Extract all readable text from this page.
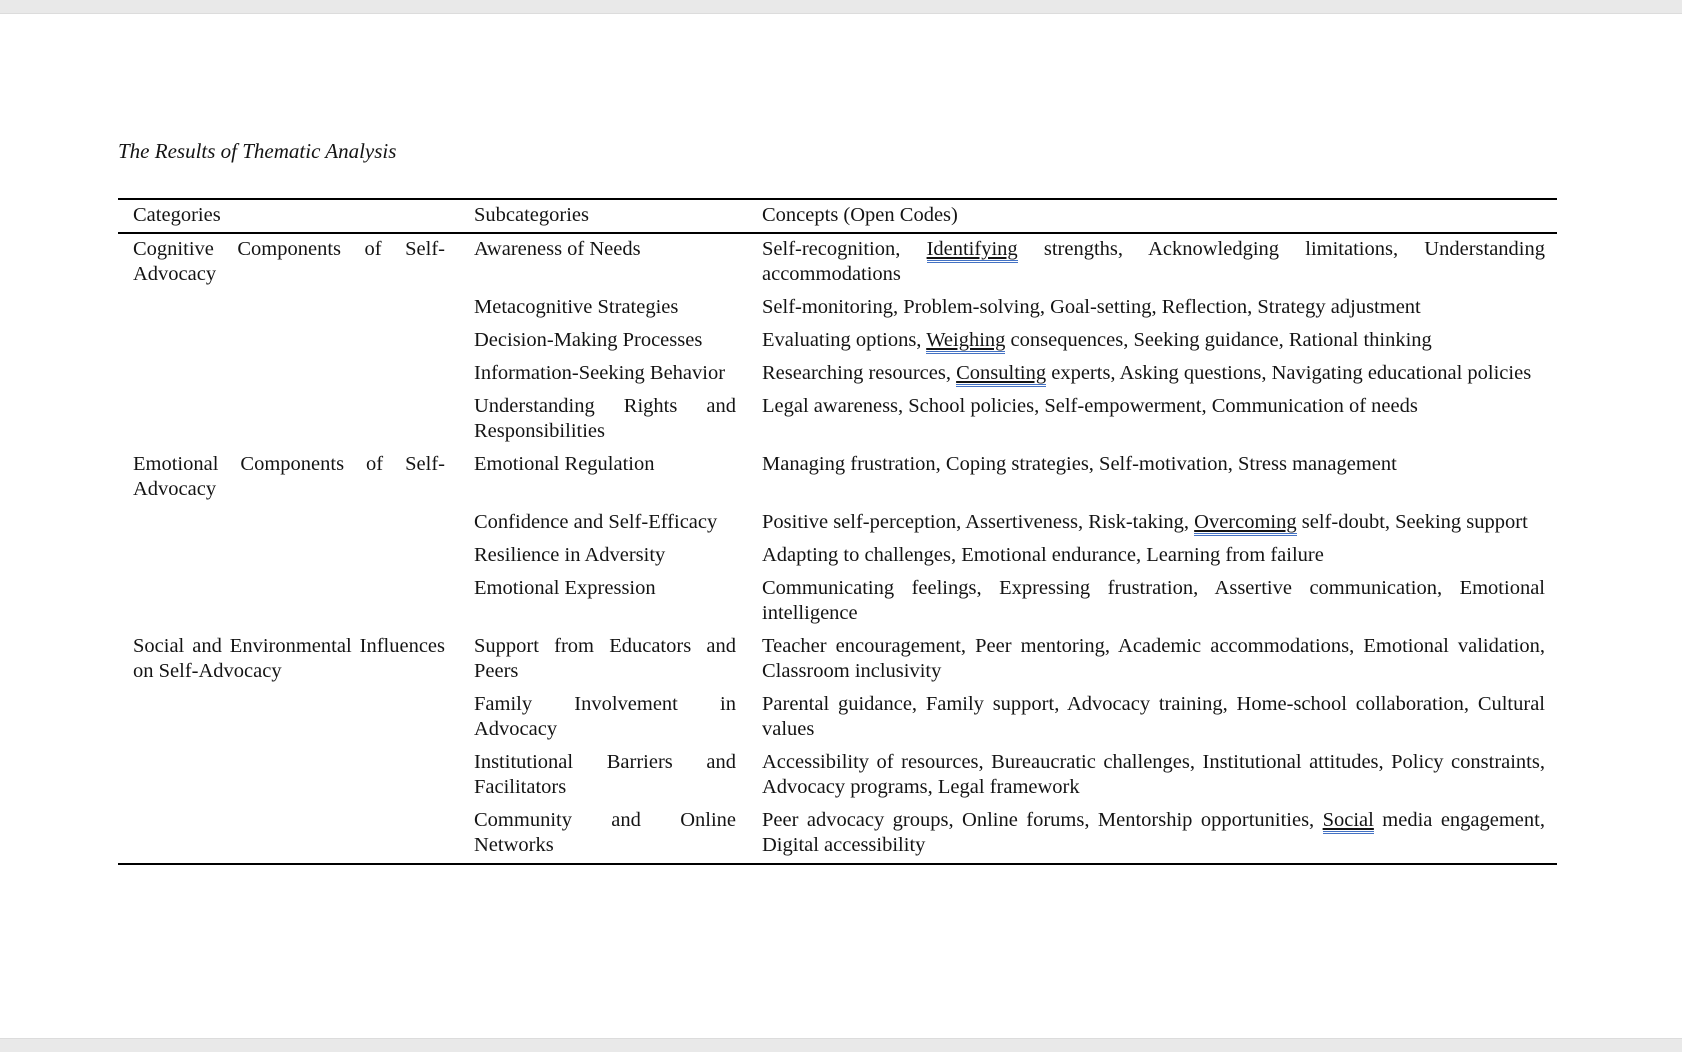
The Results of Thematic Analysis
Categories	Subcategories	Concepts (Open Codes)
Cognitive Components of Self-Advocacy	Awareness of Needs	Self-recognition, Identifying strengths, Acknowledging limitations, Understanding accommodations
	Metacognitive Strategies	Self-monitoring, Problem-solving, Goal-setting, Reflection, Strategy adjustment
	Decision-Making Processes	Evaluating options, Weighing consequences, Seeking guidance, Rational thinking
	Information-Seeking Behavior	Researching resources, Consulting experts, Asking questions, Navigating educational policies
	Understanding Rights and Responsibilities	Legal awareness, School policies, Self-empowerment, Communication of needs
Emotional Components of Self-Advocacy	Emotional Regulation	Managing frustration, Coping strategies, Self-motivation, Stress management
	Confidence and Self-Efficacy	Positive self-perception, Assertiveness, Risk-taking, Overcoming self-doubt, Seeking support
	Resilience in Adversity	Adapting to challenges, Emotional endurance, Learning from failure
	Emotional Expression	Communicating feelings, Expressing frustration, Assertive communication, Emotional intelligence
Social and Environmental Influences on Self-Advocacy	Support from Educators and Peers	Teacher encouragement, Peer mentoring, Academic accommodations, Emotional validation, Classroom inclusivity
	Family Involvement in Advocacy	Parental guidance, Family support, Advocacy training, Home-school collaboration, Cultural values
	Institutional Barriers and Facilitators	Accessibility of resources, Bureaucratic challenges, Institutional attitudes, Policy constraints, Advocacy programs, Legal framework
	Community and Online Networks	Peer advocacy groups, Online forums, Mentorship opportunities, Social media engagement, Digital accessibility
